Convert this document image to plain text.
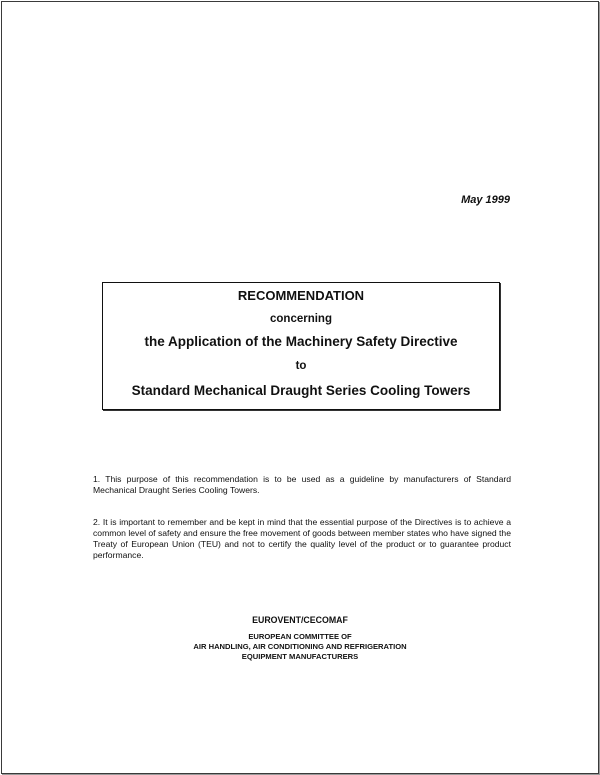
May 1999
RECOMMENDATION
concerning
the Application of the Machinery Safety Directive
to
Standard Mechanical Draught Series Cooling Towers
1. This purpose of this recommendation is to be used as a guideline by manufacturers of Standard Mechanical Draught Series Cooling Towers.
2. It is important to remember and be kept in mind that the essential purpose of the Directives is to achieve a common level of safety and ensure the free movement of goods between member states who have signed the Treaty of European Union (TEU) and not to certify the quality level of the product or to guarantee product performance.
EUROVENT/CECOMAF
EUROPEAN COMMITTEE OF
AIR HANDLING, AIR CONDITIONING AND REFRIGERATION
EQUIPMENT MANUFACTURERS
